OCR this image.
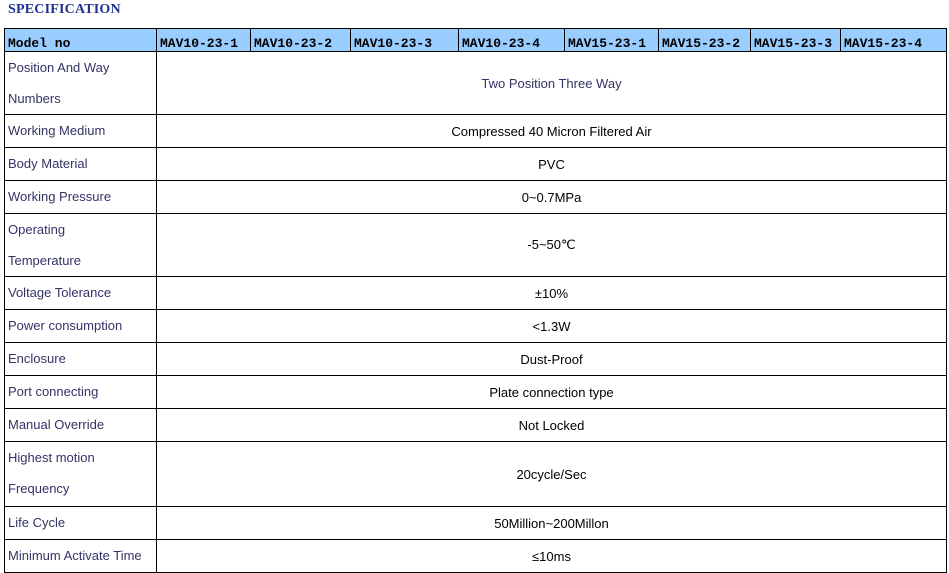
SPECIFICATION
Model no	MAV10-23-1	MAV10-23-2	MAV10-23-3	MAV10-23-4	MAV15-23-1	MAV15-23-2	MAV15-23-3	MAV15-23-4

Position And Way
Numbers	Two Position Three Way							
Working Medium	Compressed 40 Micron Filtered Air							
Body Material	PVC							
Working Pressure	0~0.7MPa							

Operating
Temperature	-5~50℃							
Voltage Tolerance	±10%							
Power consumption	<1.3W							
Enclosure	Dust-Proof							
Port connecting	Plate connection type							
Manual Override	Not Locked							

Highest motion
Frequency	20cycle/Sec							
Life Cycle	50Million~200Millon							
Minimum Activate Time	≤10ms							
